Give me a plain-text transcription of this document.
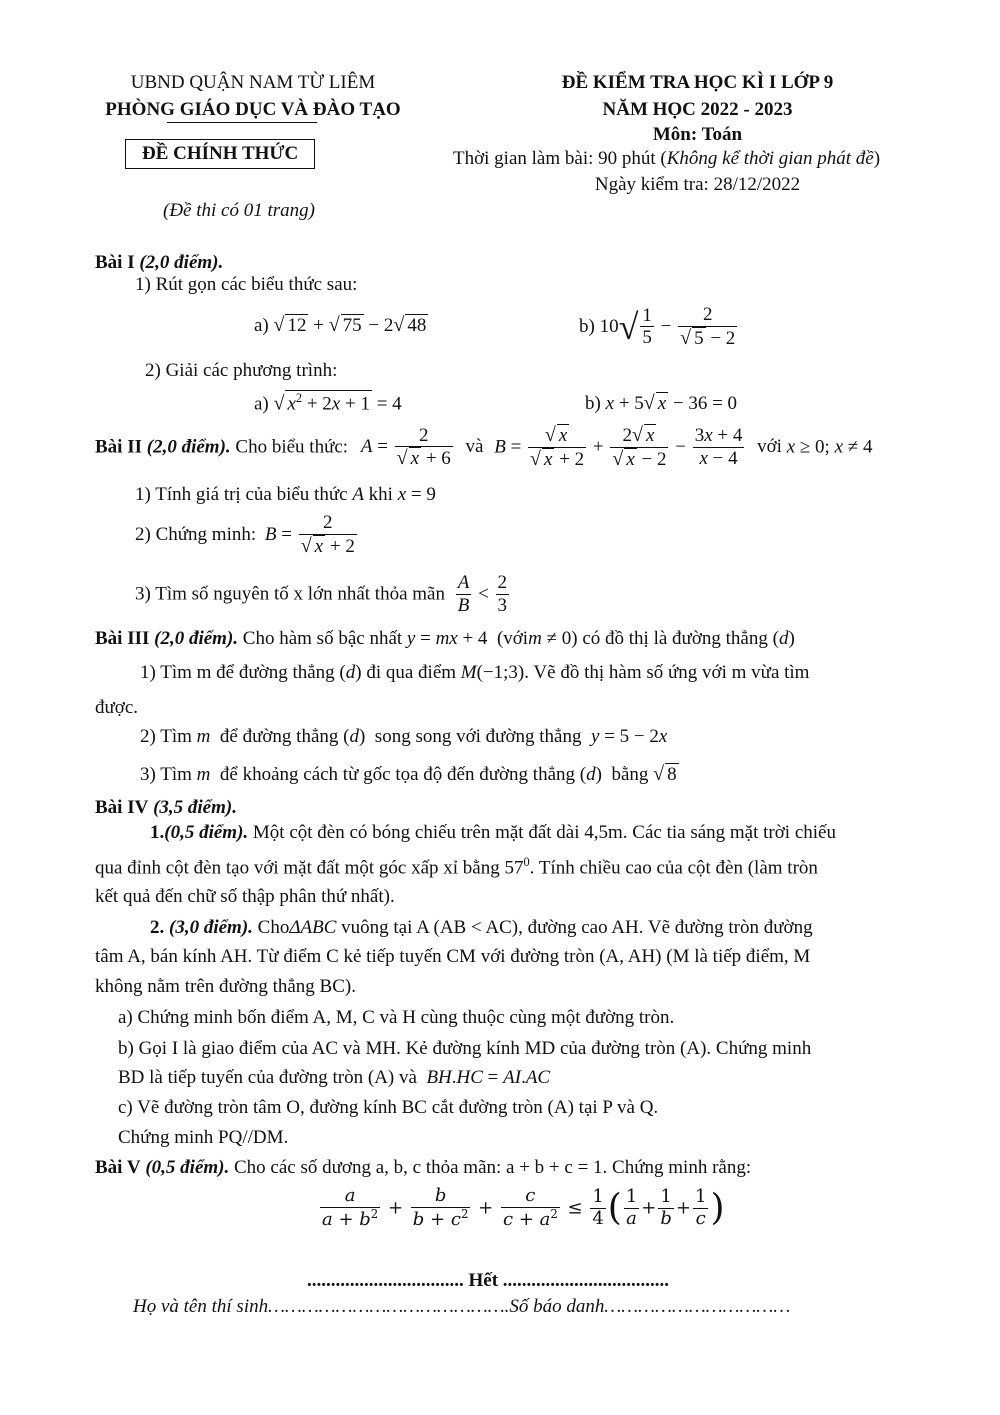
UBND QUẬN NAM TỪ LIÊM
PHÒNG GIÁO DỤC VÀ ĐÀO TẠO
ĐỀ CHÍNH THỨC
(Đề thi có 01 trang)
ĐỀ KIỂM TRA HỌC KÌ I LỚP 9
NĂM HỌC 2022 - 2023
Môn: Toán
Thời gian làm bài: 90 phút (Không kể thời gian phát đề)
Ngày kiểm tra: 28/12/2022
Bài I (2,0 điểm).
1) Rút gọn các biểu thức sau:
a) √ 12 + √ 75 − 2√ 48	b) $10√ \frac{1}{5} - \frac{2}{√ 5 - 2}$
2) Giải các phương trình:
a) √ $x^2 + 2x + 1 = 4$	b) x + 5√ x − 36 = 0
Bài II (2,0 điểm). Cho biểu thức: $A = \frac{2}{√ x + 6}$ và $B = \frac{√ x}{√ x + 2} + \frac{2√ x}{√ x - 2} - \frac{3x + 4}{x - 4}$ với x ≥ 0; x ≠ 4
1) Tính giá trị của biểu thức A khi x = 9
2) Chứng minh: $B = \frac{2}{√ x + 2}$
3) Tìm số nguyên tố x lớn nhất thỏa mãn $\frac{A}{B} < \frac{2}{3}$
Bài III (2,0 điểm). Cho hàm số bậc nhất y = mx + 4  (vớim ≠ 0) có đồ thị là đường thẳng (d)
1) Tìm m để đường thẳng (d) đi qua điểm M(−1;3). Vẽ đồ thị hàm số ứng với m vừa tìm
được.
2) Tìm m để đường thẳng (d)  song song với đường thẳng y = 5 − 2x
3) Tìm m để khoảng cách từ gốc tọa độ đến đường thẳng (d)  bằng √ 8
Bài IV (3,5 điểm).
1.(0,5 điểm). Một cột đèn có bóng chiếu trên mặt đất dài 4,5m. Các tia sáng mặt trời chiếu
qua đỉnh cột đèn tạo với mặt đất một góc xấp xỉ bằng $57^0$. Tính chiều cao của cột đèn (làm tròn
kết quả đến chữ số thập phân thứ nhất).
2. (3,0 điểm). ChoΔABC vuông tại A (AB < AC), đường cao AH. Vẽ đường tròn đường
tâm A, bán kính AH. Từ điểm C kẻ tiếp tuyến CM với đường tròn (A, AH) (M là tiếp điểm, M
không nằm trên đường thẳng BC).
a) Chứng minh bốn điểm A, M, C và H cùng thuộc cùng một đường tròn.
b) Gọi I là giao điểm của AC và MH. Kẻ đường kính MD của đường tròn (A). Chứng minh
BD là tiếp tuyến của đường tròn (A) và BH.HC = AI.AC
c) Vẽ đường tròn tâm O, đường kính BC cắt đường tròn (A) tại P và Q.
Chứng minh PQ//DM.
Bài V (0,5 điểm). Cho các số dương a, b, c thỏa mãn: a + b + c = 1. Chứng minh rằng:
$\frac{a}{a + b^2} + \frac{b}{b + c^2} + \frac{c}{c + a^2} \le \frac{1}{4}$ ( $\frac{1}{a} + \frac{1}{b} + \frac{1}{c}$ )
................................. Hết ...................................
Họ và tên thí sinh…………………………………….Số báo danh……………………………
